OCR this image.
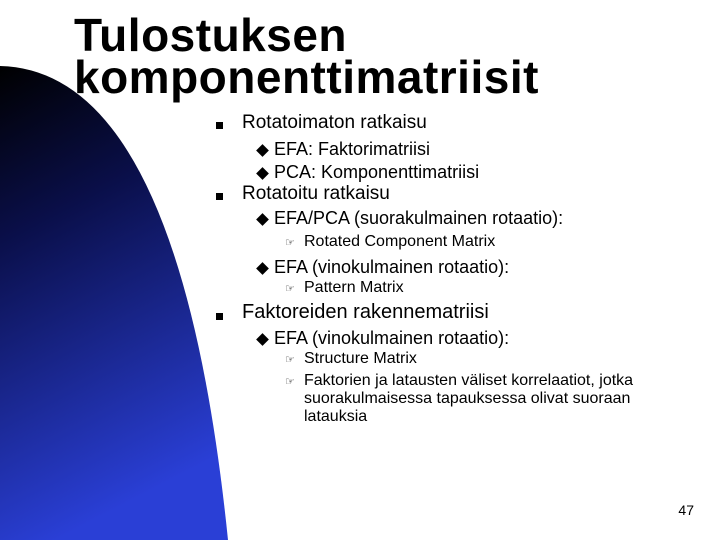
Tulostuksen
komponenttimatriisit
Rotatoimaton ratkaisu
EFA: Faktorimatriisi
PCA: Komponenttimatriisi
Rotatoitu ratkaisu
EFA/PCA (suorakulmainen rotaatio):
☞ Rotated Component Matrix
EFA (vinokulmainen rotaatio):
☞ Pattern Matrix
Faktoreiden rakennematriisi
EFA (vinokulmainen rotaatio):
☞ Structure Matrix
☞ Faktorien ja latausten väliset korrelaatiot, jotka
suorakulmaisessa tapauksessa olivat suoraan
latauksia
47
